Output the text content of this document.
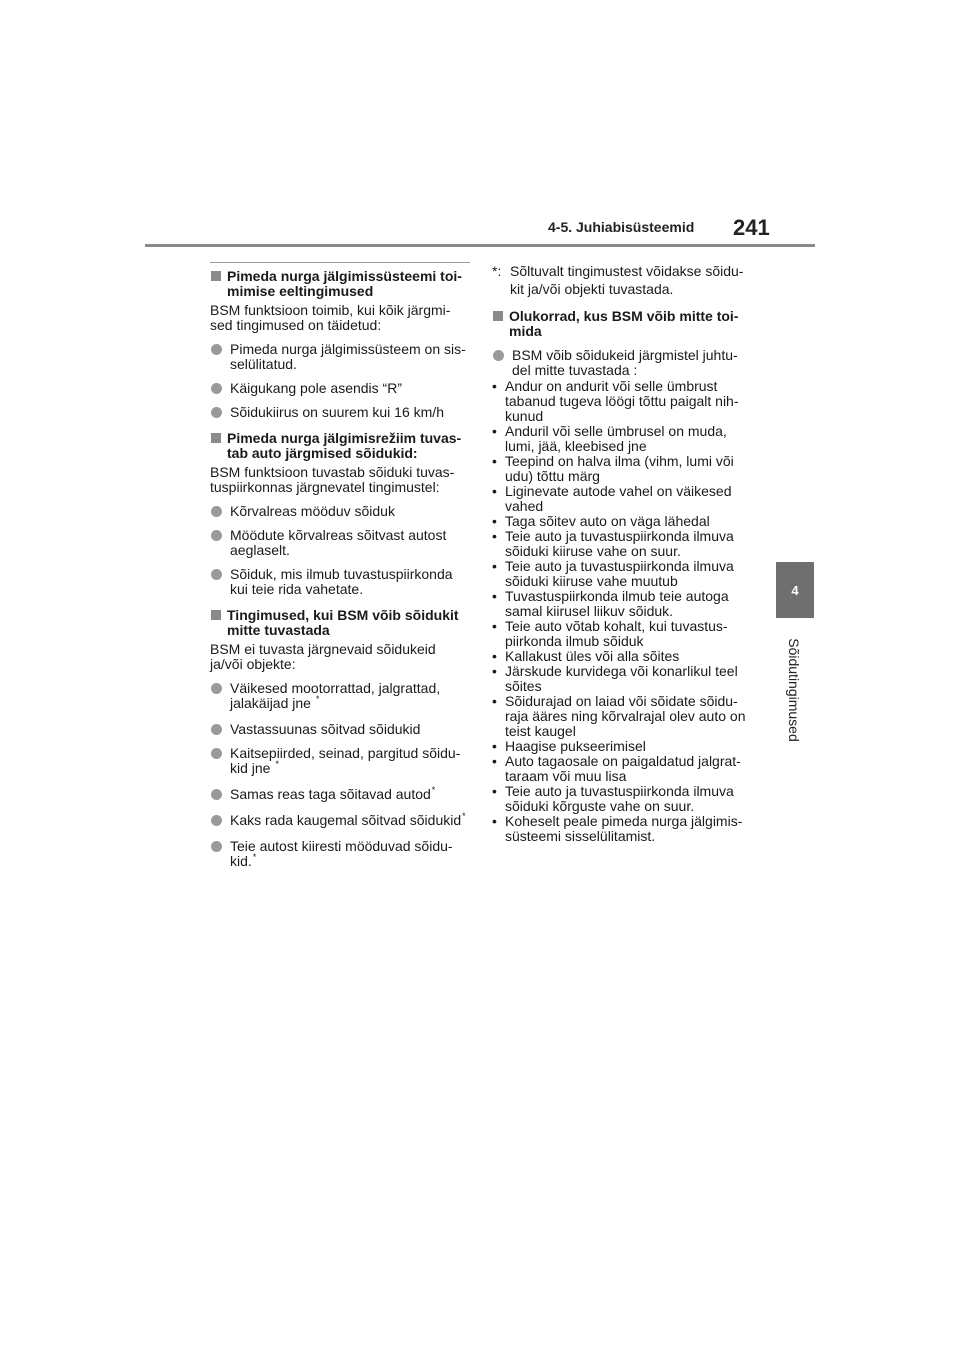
4-5. Juhiabisüsteemid 241
4
Sõidutingimused
Pimeda nurga jälgimissüsteemi toi- mimise eeltingimused
BSM funktsioon toimib, kui kõik järgmi- sed tingimused on täidetud:
Pimeda nurga jälgimissüsteem on sis- selülitatud.
Käigukang pole asendis “R”
Sõidukiirus on suurem kui 16 km/h
Pimeda nurga jälgimisrežiim tuvas- tab auto järgmised sõidukid:
BSM funktsioon tuvastab sõiduki tuvas- tuspiirkonnas järgnevatel tingimustel:
Kõrvalreas mööduv sõiduk
Möödute kõrvalreas sõitvast autost aeglaselt.
Sõiduk, mis ilmub tuvastuspiirkonda kui teie rida vahetate.
Tingimused, kui BSM võib sõidukit mitte tuvastada
BSM ei tuvasta järgnevaid sõidukeid ja/või objekte:
Väikesed mootorrattad, jalgrattad, jalakäijad jne *
Vastassuunas sõitvad sõidukid
Kaitsepiirded, seinad, pargitud sõidu- kid jne *
Samas reas taga sõitavad autod*
Kaks rada kaugemal sõitvad sõidukid*
Teie autost kiiresti mööduvad sõidu- kid.*
*: Sõltuvalt tingimustest võidakse sõidu- kit ja/või objekti tuvastada.
Olukorrad, kus BSM võib mitte toi- mida
BSM võib sõidukeid järgmistel juhtu- del mitte tuvastada :
• Andur on andurit või selle ümbrust tabanud tugeva löögi tõttu paigalt nih- kunud
• Anduril või selle ümbrusel on muda, lumi, jää, kleebised jne
• Teepind on halva ilma (vihm, lumi või udu) tõttu märg
• Liginevate autode vahel on väikesed vahed
• Taga sõitev auto on väga lähedal
• Teie auto ja tuvastuspiirkonda ilmuva sõiduki kiiruse vahe on suur.
• Teie auto ja tuvastuspiirkonda ilmuva sõiduki kiiruse vahe muutub
• Tuvastuspiirkonda ilmub teie autoga samal kiirusel liikuv sõiduk.
• Teie auto võtab kohalt, kui tuvastus- piirkonda ilmub sõiduk
• Kallakust üles või alla sõites
• Järskude kurvidega või konarlikul teel sõites
• Sõidurajad on laiad või sõidate sõidu- raja ääres ning kõrvalrajal olev auto on teist kaugel
• Haagise pukseerimisel
• Auto tagaosale on paigaldatud jalgrat- taraam või muu lisa
• Teie auto ja tuvastuspiirkonda ilmuva sõiduki kõrguste vahe on suur.
• Koheselt peale pimeda nurga jälgimis- süsteemi sisselülitamist.
